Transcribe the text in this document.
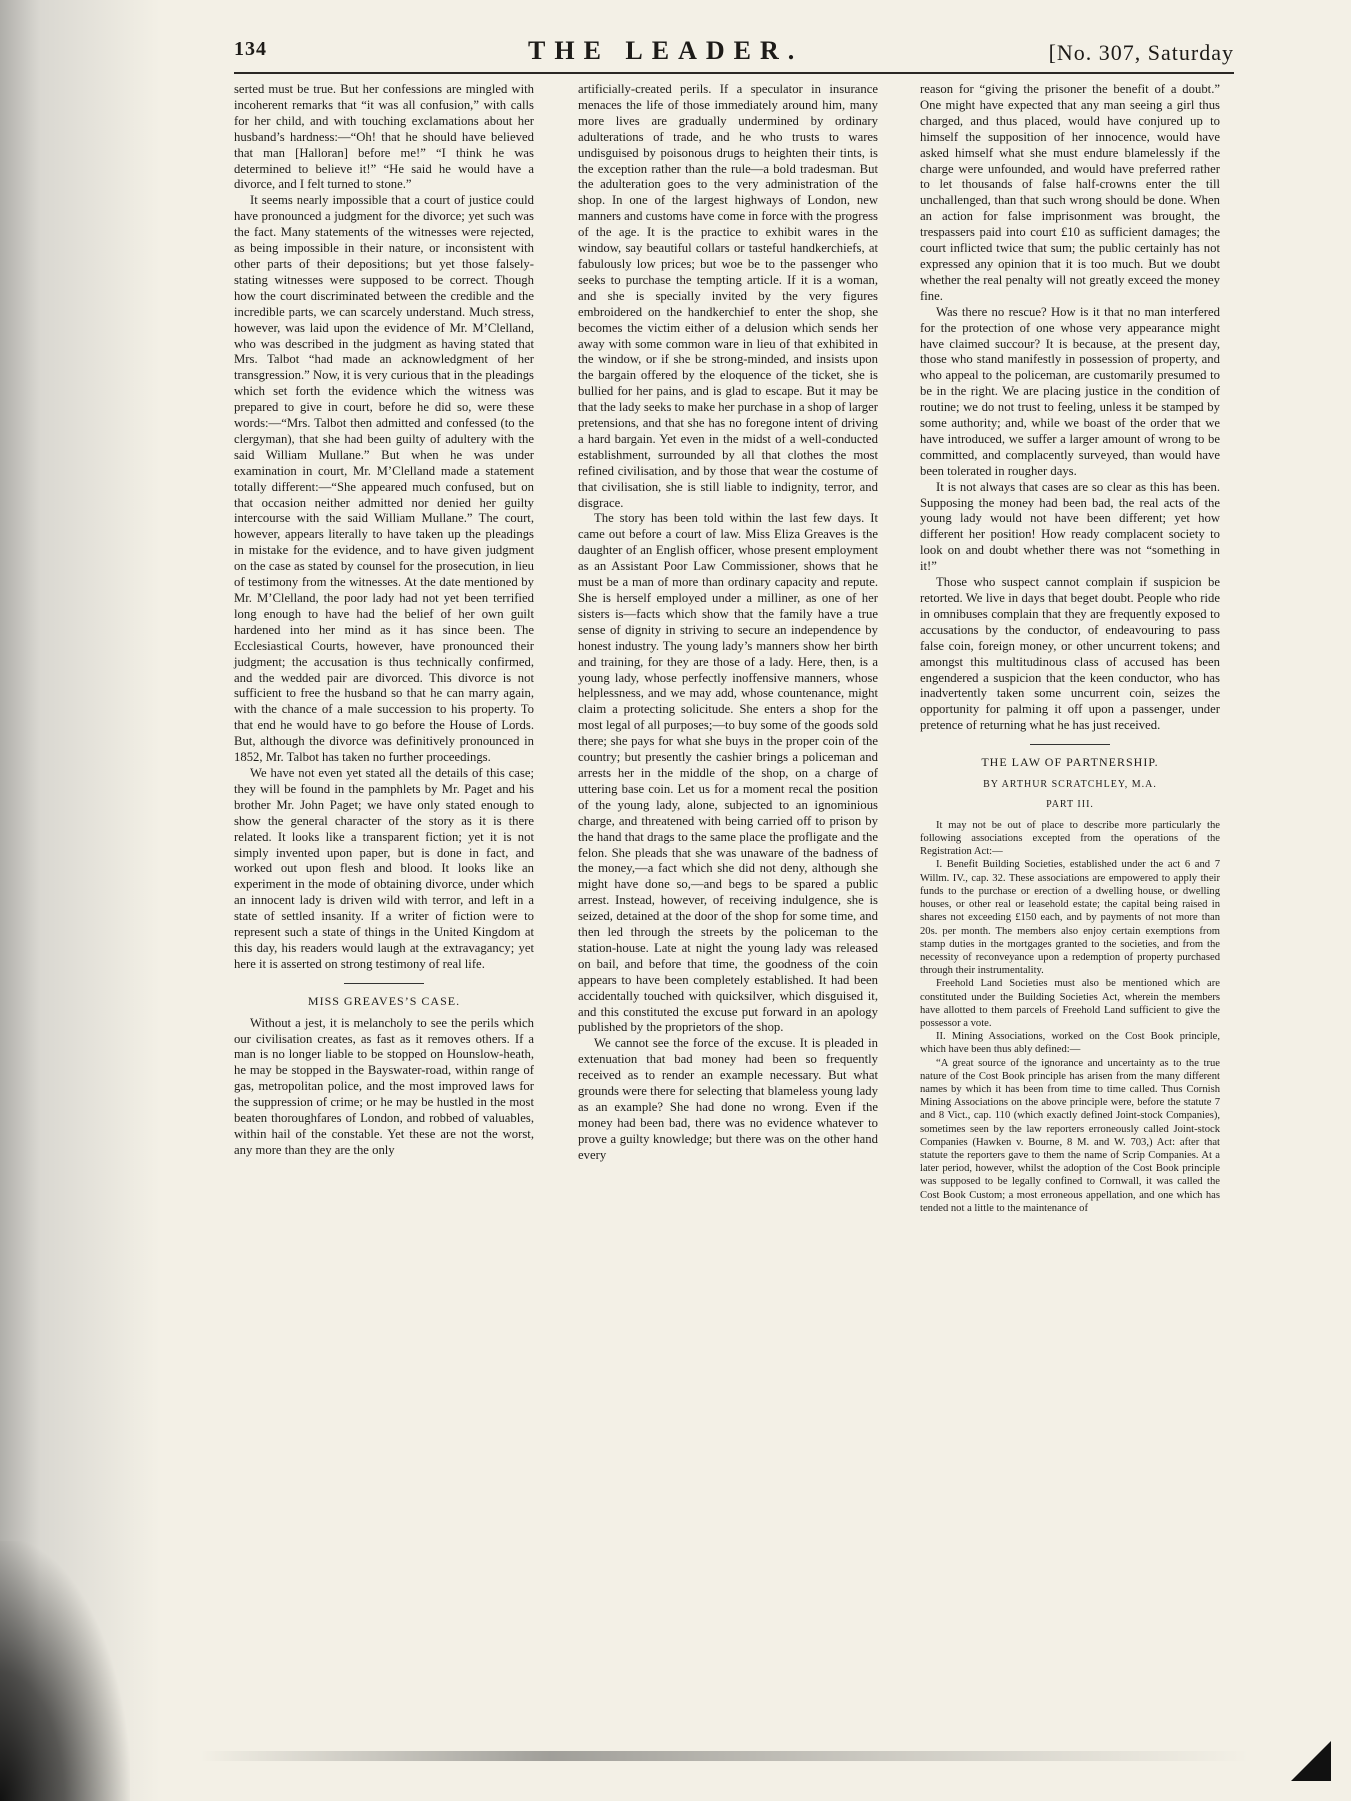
134	THE LEADER.	[No. 307, Saturday

serted must be true. But her confessions are mingled with incoherent remarks that “it was all confusion,” with calls for her child, and with touching exclamations about her husband’s hardness:—“Oh! that he should have believed that man [Halloran] before me!” “I think he was determined to believe it!” “He said he would have a divorce, and I felt turned to stone.”

It seems nearly impossible that a court of justice could have pronounced a judgment for the divorce; yet such was the fact. Many statements of the witnesses were rejected, as being impossible in their nature, or inconsistent with other parts of their depositions; but yet those falsely-stating witnesses were supposed to be correct. Though how the court discriminated between the credible and the incredible parts, we can scarcely understand. Much stress, however, was laid upon the evidence of Mr. M’Clelland, who was described in the judgment as having stated that Mrs. Talbot “had made an acknowledgment of her transgression.” Now, it is very curious that in the pleadings which set forth the evidence which the witness was prepared to give in court, before he did so, were these words:—“Mrs. Talbot then admitted and confessed (to the clergyman), that she had been guilty of adultery with the said William Mullane.” But when he was under examination in court, Mr. M’Clelland made a statement totally different:—“She appeared much confused, but on that occasion neither admitted nor denied her guilty intercourse with the said William Mullane.” The court, however, appears literally to have taken up the pleadings in mistake for the evidence, and to have given judgment on the case as stated by counsel for the prosecution, in lieu of testimony from the witnesses. At the date mentioned by Mr. M’Clelland, the poor lady had not yet been terrified long enough to have had the belief of her own guilt hardened into her mind as it has since been. The Ecclesiastical Courts, however, have pronounced their judgment; the accusation is thus technically confirmed, and the wedded pair are divorced. This divorce is not sufficient to free the husband so that he can marry again, with the chance of a male succession to his property. To that end he would have to go before the House of Lords. But, although the divorce was definitively pronounced in 1852, Mr. Talbot has taken no further proceedings.

We have not even yet stated all the details of this case; they will be found in the pamphlets by Mr. Paget and his brother Mr. John Paget; we have only stated enough to show the general character of the story as it is there related. It looks like a transparent fiction; yet it is not simply invented upon paper, but is done in fact, and worked out upon flesh and blood. It looks like an experiment in the mode of obtaining divorce, under which an innocent lady is driven wild with terror, and left in a state of settled insanity. If a writer of fiction were to represent such a state of things in the United Kingdom at this day, his readers would laugh at the extravagancy; yet here it is asserted on strong testimony of real life.

MISS GREAVES’S CASE.

Without a jest, it is melancholy to see the perils which our civilisation creates, as fast as it removes others. If a man is no longer liable to be stopped on Hounslow-heath, he may be stopped in the Bayswater-road, within range of gas, metropolitan police, and the most improved laws for the suppression of crime; or he may be hustled in the most beaten thoroughfares of London, and robbed of valuables, within hail of the constable. Yet these are not the worst, any more than they are the only

artificially-created perils. If a speculator in insurance menaces the life of those immediately around him, many more lives are gradually undermined by ordinary adulterations of trade, and he who trusts to wares undisguised by poisonous drugs to heighten their tints, is the exception rather than the rule—a bold tradesman. But the adulteration goes to the very administration of the shop. In one of the largest highways of London, new manners and customs have come in force with the progress of the age. It is the practice to exhibit wares in the window, say beautiful collars or tasteful handkerchiefs, at fabulously low prices; but woe be to the passenger who seeks to purchase the tempting article. If it is a woman, and she is specially invited by the very figures embroidered on the handkerchief to enter the shop, she becomes the victim either of a delusion which sends her away with some common ware in lieu of that exhibited in the window, or if she be strong-minded, and insists upon the bargain offered by the eloquence of the ticket, she is bullied for her pains, and is glad to escape. But it may be that the lady seeks to make her purchase in a shop of larger pretensions, and that she has no foregone intent of driving a hard bargain. Yet even in the midst of a well-conducted establishment, surrounded by all that clothes the most refined civilisation, and by those that wear the costume of that civilisation, she is still liable to indignity, terror, and disgrace.

The story has been told within the last few days. It came out before a court of law. Miss Eliza Greaves is the daughter of an English officer, whose present employment as an Assistant Poor Law Commissioner, shows that he must be a man of more than ordinary capacity and repute. She is herself employed under a milliner, as one of her sisters is—facts which show that the family have a true sense of dignity in striving to secure an independence by honest industry. The young lady’s manners show her birth and training, for they are those of a lady. Here, then, is a young lady, whose perfectly inoffensive manners, whose helplessness, and we may add, whose countenance, might claim a protecting solicitude. She enters a shop for the most legal of all purposes;—to buy some of the goods sold there; she pays for what she buys in the proper coin of the country; but presently the cashier brings a policeman and arrests her in the middle of the shop, on a charge of uttering base coin. Let us for a moment recal the position of the young lady, alone, subjected to an ignominious charge, and threatened with being carried off to prison by the hand that drags to the same place the profligate and the felon. She pleads that she was unaware of the badness of the money,—a fact which she did not deny, although she might have done so,—and begs to be spared a public arrest. Instead, however, of receiving indulgence, she is seized, detained at the door of the shop for some time, and then led through the streets by the policeman to the station-house. Late at night the young lady was released on bail, and before that time, the goodness of the coin appears to have been completely established. It had been accidentally touched with quicksilver, which disguised it, and this constituted the excuse put forward in an apology published by the proprietors of the shop.

We cannot see the force of the excuse. It is pleaded in extenuation that bad money had been so frequently received as to render an example necessary. But what grounds were there for selecting that blameless young lady as an example? She had done no wrong. Even if the money had been bad, there was no evidence whatever to prove a guilty knowledge; but there was on the other hand every

reason for “giving the prisoner the benefit of a doubt.” One might have expected that any man seeing a girl thus charged, and thus placed, would have conjured up to himself the supposition of her innocence, would have asked himself what she must endure blamelessly if the charge were unfounded, and would have preferred rather to let thousands of false half-crowns enter the till unchallenged, than that such wrong should be done. When an action for false imprisonment was brought, the trespassers paid into court £10 as sufficient damages; the court inflicted twice that sum; the public certainly has not expressed any opinion that it is too much. But we doubt whether the real penalty will not greatly exceed the money fine.

Was there no rescue? How is it that no man interfered for the protection of one whose very appearance might have claimed succour? It is because, at the present day, those who stand manifestly in possession of property, and who appeal to the policeman, are customarily presumed to be in the right. We are placing justice in the condition of routine; we do not trust to feeling, unless it be stamped by some authority; and, while we boast of the order that we have introduced, we suffer a larger amount of wrong to be committed, and complacently surveyed, than would have been tolerated in rougher days.

It is not always that cases are so clear as this has been. Supposing the money had been bad, the real acts of the young lady would not have been different; yet how different her position! How ready complacent society to look on and doubt whether there was not “something in it!”

Those who suspect cannot complain if suspicion be retorted. We live in days that beget doubt. People who ride in omnibuses complain that they are frequently exposed to accusations by the conductor, of endeavouring to pass false coin, foreign money, or other uncurrent tokens; and amongst this multitudinous class of accused has been engendered a suspicion that the keen conductor, who has inadvertently taken some uncurrent coin, seizes the opportunity for palming it off upon a passenger, under pretence of returning what he has just received.

THE LAW OF PARTNERSHIP.
BY ARTHUR SCRATCHLEY, M.A.
PART III.

It may not be out of place to describe more particularly the following associations excepted from the operations of the Registration Act:—

I. Benefit Building Societies, established under the act 6 and 7 Willm. IV., cap. 32. These associations are empowered to apply their funds to the purchase or erection of a dwelling house, or dwelling houses, or other real or leasehold estate; the capital being raised in shares not exceeding £150 each, and by payments of not more than 20s. per month. The members also enjoy certain exemptions from stamp duties in the mortgages granted to the societies, and from the necessity of reconveyance upon a redemption of property purchased through their instrumentality.

Freehold Land Societies must also be mentioned which are constituted under the Building Societies Act, wherein the members have allotted to them parcels of Freehold Land sufficient to give the possessor a vote.

II. Mining Associations, worked on the Cost Book principle, which have been thus ably defined:—

“A great source of the ignorance and uncertainty as to the true nature of the Cost Book principle has arisen from the many different names by which it has been from time to time called. Thus Cornish Mining Associations on the above principle were, before the statute 7 and 8 Vict., cap. 110 (which exactly defined Joint-stock Companies), sometimes seen by the law reporters erroneously called Joint-stock Companies (Hawken v. Bourne, 8 M. and W. 703,) Act: after that statute the reporters gave to them the name of Scrip Companies. At a later period, however, whilst the adoption of the Cost Book principle was supposed to be legally confined to Cornwall, it was called the Cost Book Custom; a most erroneous appellation, and one which has tended not a little to the maintenance of
